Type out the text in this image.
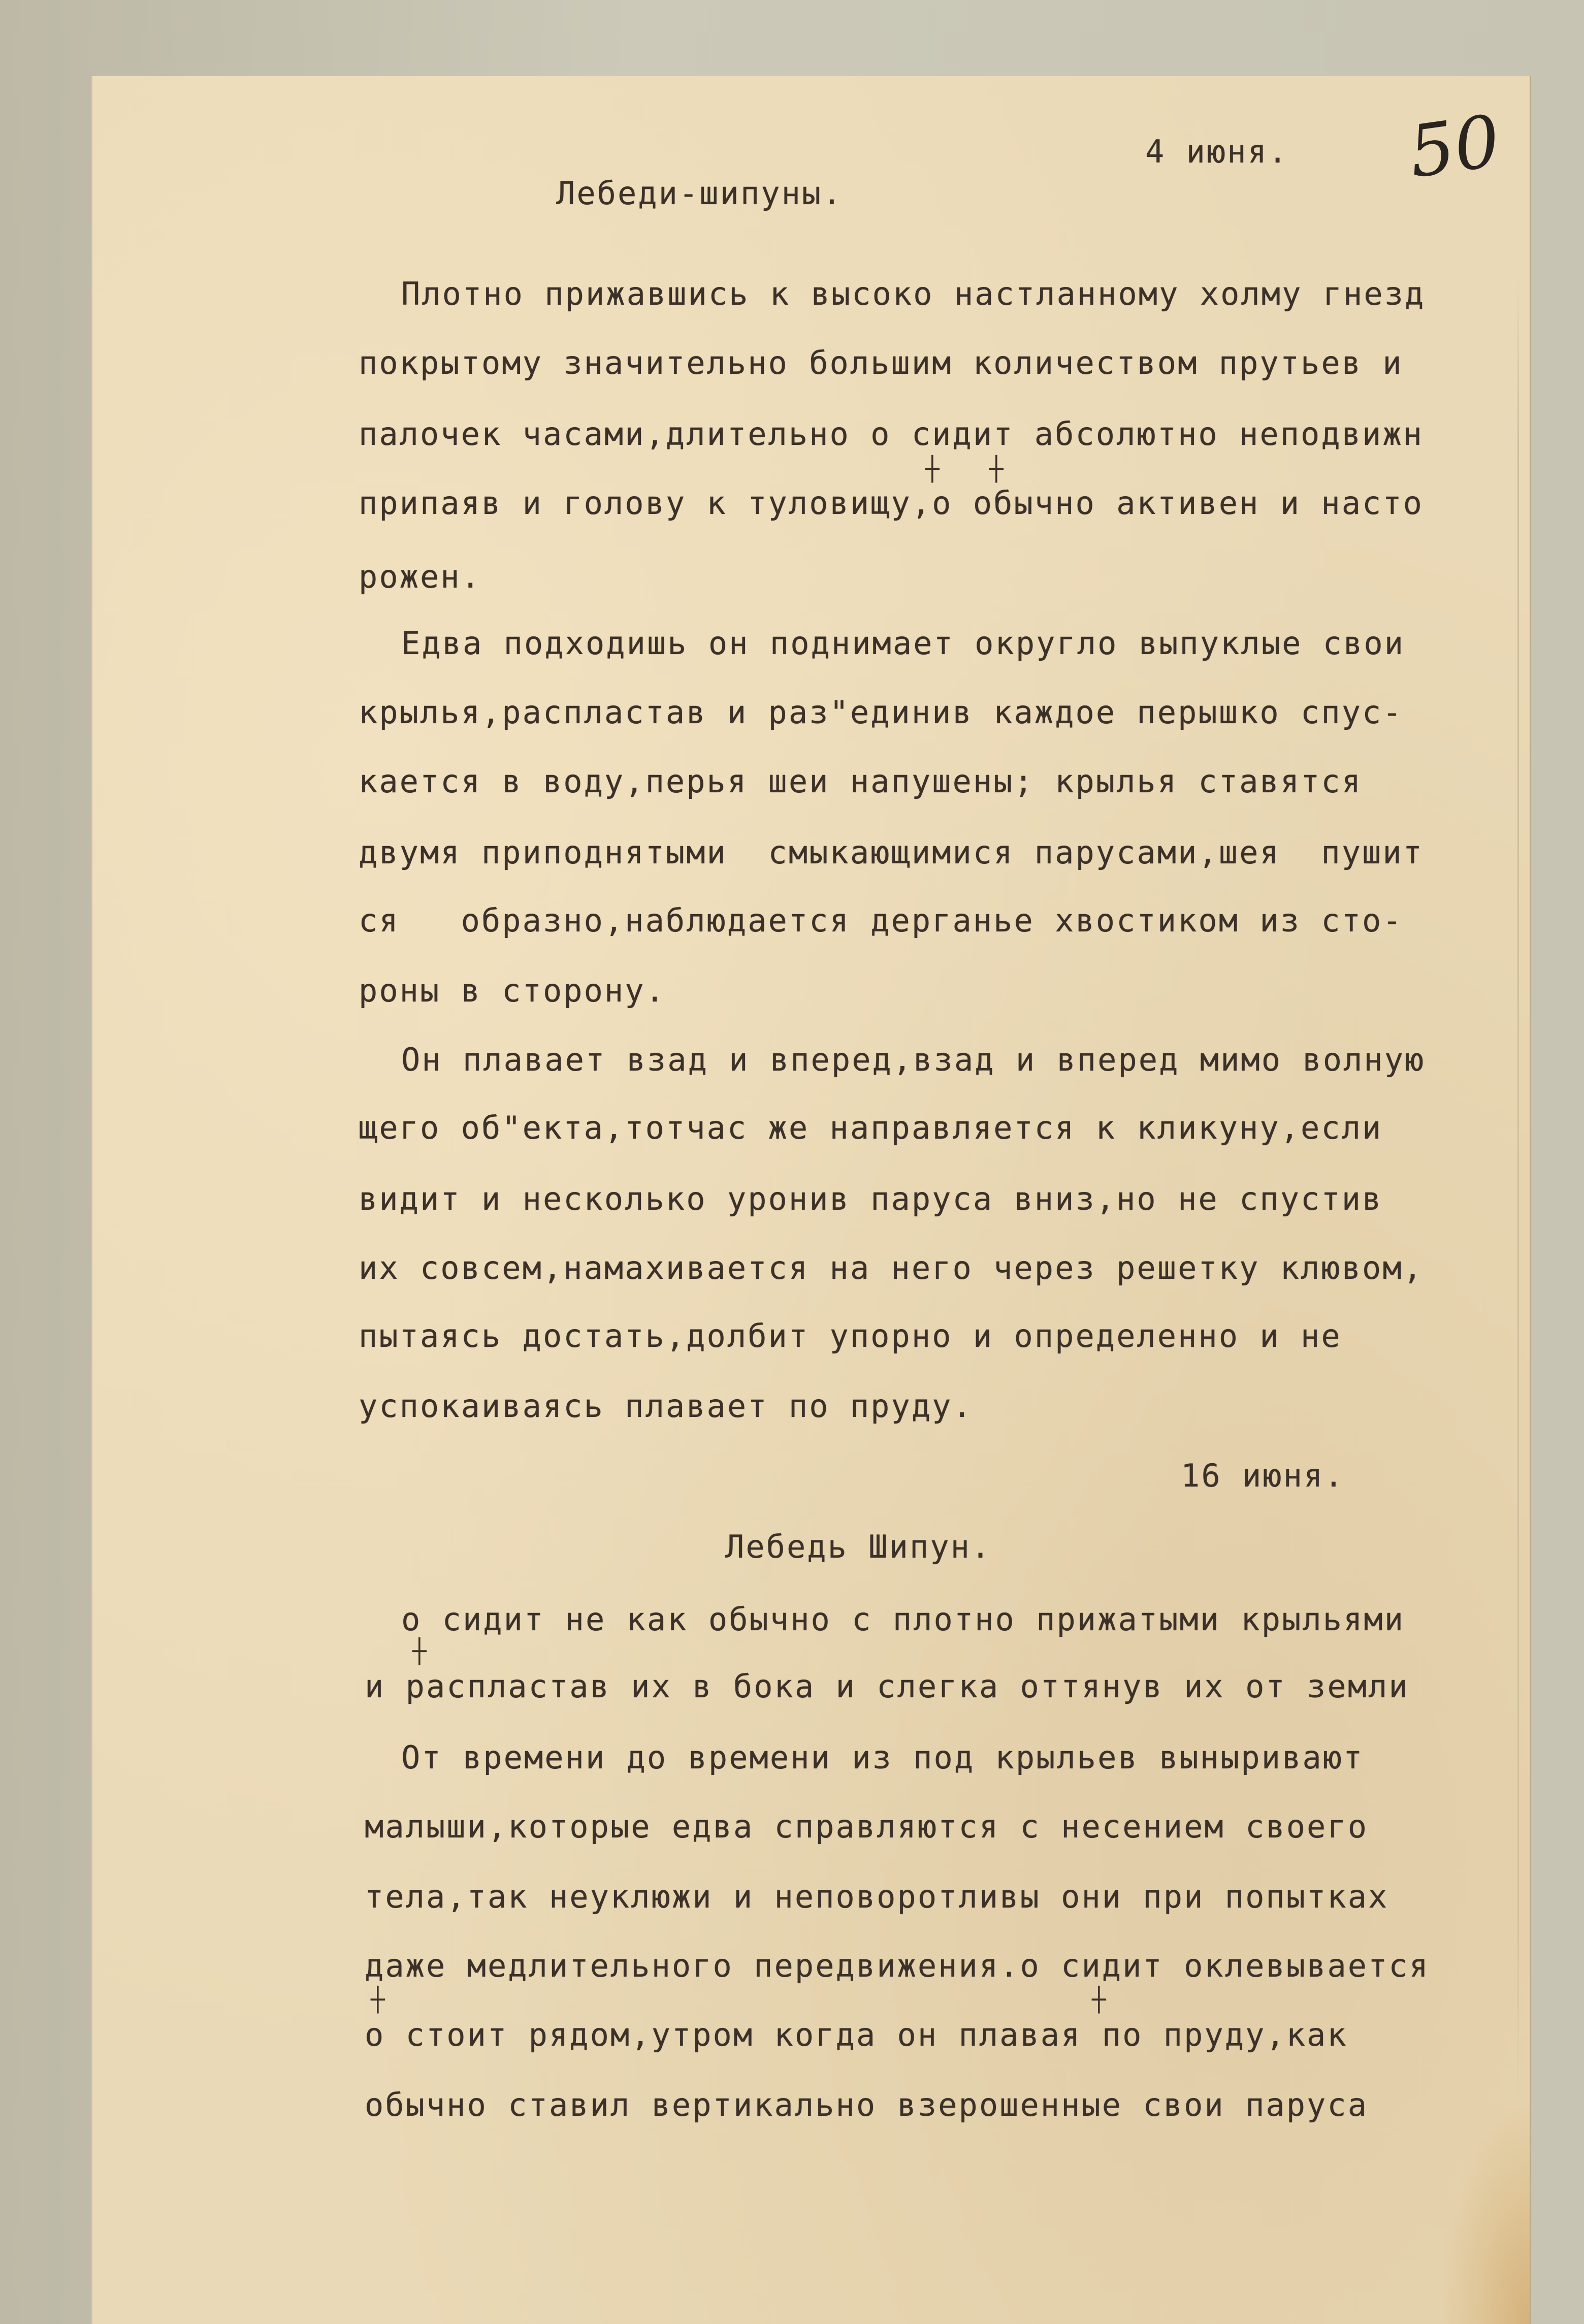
50
4 июня.
Лебеди-шипуны.
Плотно прижавшись к высоко настланному холму гнезд
покрытому значительно большим количеством прутьев и
палочек часами,длительно о сидит абсолютно неподвижн
┼ ┼
припаяв и голову к туловищу,о обычно активен и насто
рожен.
Едва подходишь он поднимает округло выпуклые свои
крылья,распластав и раз"единив каждое перышко спус-
кается в воду,перья шеи напушены; крылья ставятся
двумя приподнятыми  смыкающимися парусами,шея  пушит
ся   образно,наблюдается дерганье хвостиком из сто-
роны в сторону.
Он плавает взад и вперед,взад и вперед мимо волную
щего об"екта,тотчас же направляется к кликуну,если
видит и несколько уронив паруса вниз,но не спустив
их совсем,намахивается на него через решетку клювом,
пытаясь достать,долбит упорно и определенно и не
успокаиваясь плавает по пруду.
16 июня.
Лебедь Шипун.
о сидит не как обычно с плотно прижатыми крыльями
┼
и распластав их в бока и слегка оттянув их от земли
От времени до времени из под крыльев выныривают
малыши,которые едва справляются с несением своего
тела,так неуклюжи и неповоротливы они при попытках
даже медлительного передвижения.о сидит оклевывается
┼
┼
о стоит рядом,утром когда он плавая по пруду,как
обычно ставил вертикально взерошенные свои паруса
